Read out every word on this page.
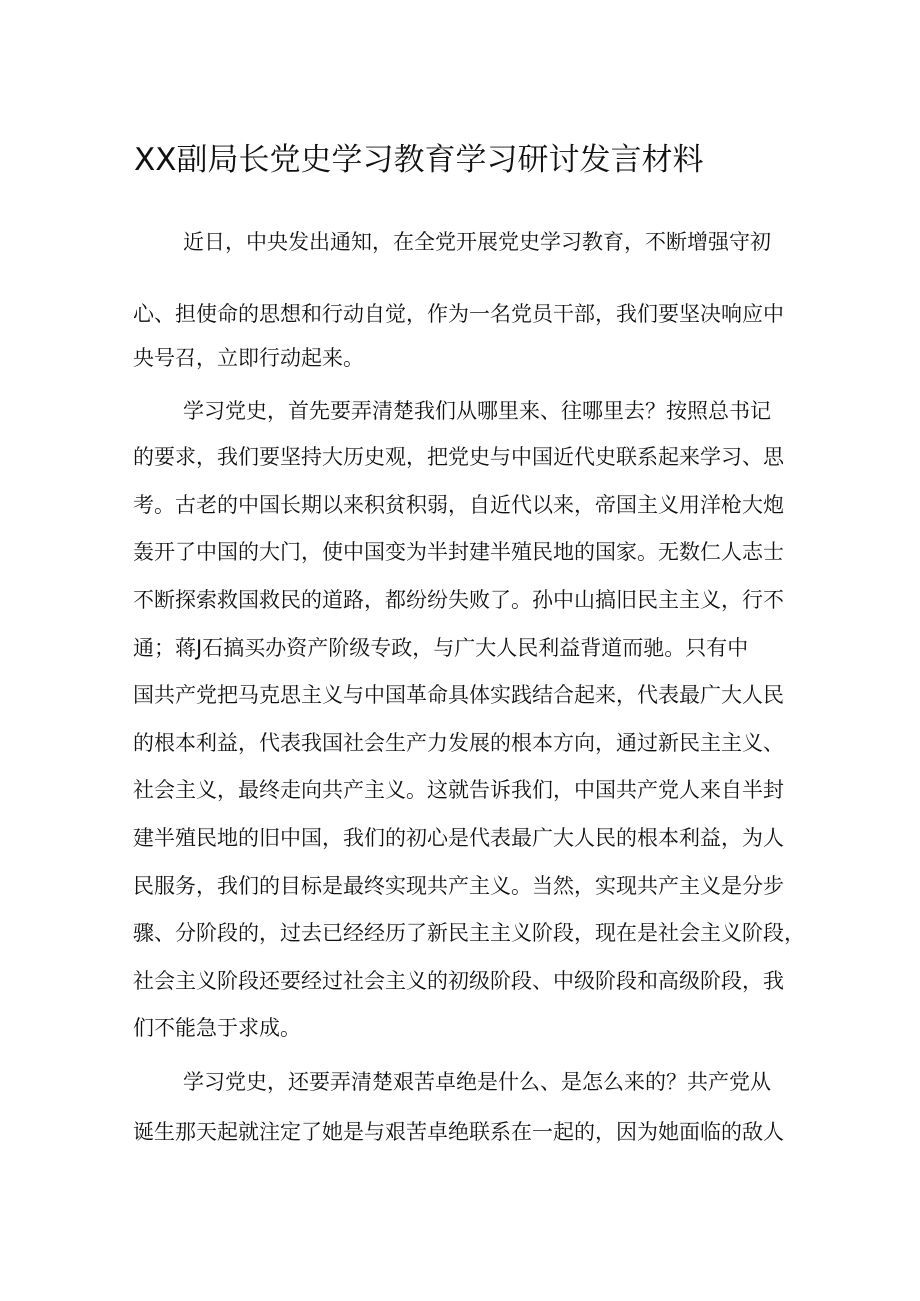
XX副局长党史学习教育学习研讨发言材料

近日，中央发出通知，在全党开展党史学习教育，不断增强守初

心、担使命的思想和行动自觉，作为一名党员干部，我们要坚决响应中

央号召，立即行动起来。

学习党史，首先要弄清楚我们从哪里来、往哪里去？按照总书记

的要求，我们要坚持大历史观，把党史与中国近代史联系起来学习、思

考。古老的中国长期以来积贫积弱，自近代以来，帝国主义用洋枪大炮

轰开了中国的大门，使中国变为半封建半殖民地的国家。无数仁人志士

不断探索救国救民的道路，都纷纷失败了。孙中山搞旧民主主义，行不

通；蒋J石搞买办资产阶级专政，与广大人民利益背道而驰。只有中

国共产党把马克思主义与中国革命具体实践结合起来，代表最广大人民

的根本利益，代表我国社会生产力发展的根本方向，通过新民主主义、

社会主义，最终走向共产主义。这就告诉我们，中国共产党人来自半封

建半殖民地的旧中国，我们的初心是代表最广大人民的根本利益，为人

民服务，我们的目标是最终实现共产主义。当然，实现共产主义是分步

骤、分阶段的，过去已经经历了新民主主义阶段，现在是社会主义阶段，

社会主义阶段还要经过社会主义的初级阶段、中级阶段和高级阶段，我

们不能急于求成。

学习党史，还要弄清楚艰苦卓绝是什么、是怎么来的？共产党从

诞生那天起就注定了她是与艰苦卓绝联系在一起的，因为她面临的敌人
